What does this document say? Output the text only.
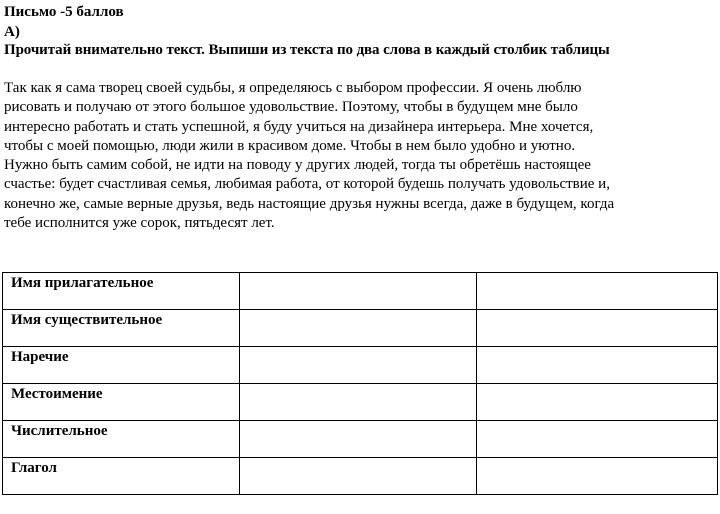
Письмо -5 баллов
А)
Прочитай внимательно текст. Выпиши из текста по два слова в каждый столбик таблицы
Так как я сама творец своей судьбы, я определяюсь с выбором профессии. Я очень люблю
рисовать и получаю от этого большое удовольствие. Поэтому, чтобы в будущем мне было
интересно работать и стать успешной, я буду учиться на дизайнера интерьера. Мне хочется,
чтобы с моей помощью, люди жили в красивом доме. Чтобы в нем было удобно и уютно.
Нужно быть самим собой, не идти на поводу у других людей, тогда ты обретёшь настоящее
счастье: будет счастливая семья, любимая работа, от которой будешь получать удовольствие и,
конечно же, самые верные друзья, ведь настоящие друзья нужны всегда, даже в будущем, когда
тебе исполнится уже сорок, пятьдесят лет.
Имя прилагательное		
Имя существительное		
Наречие		
Местоимение		
Числительное		
Глагол		
